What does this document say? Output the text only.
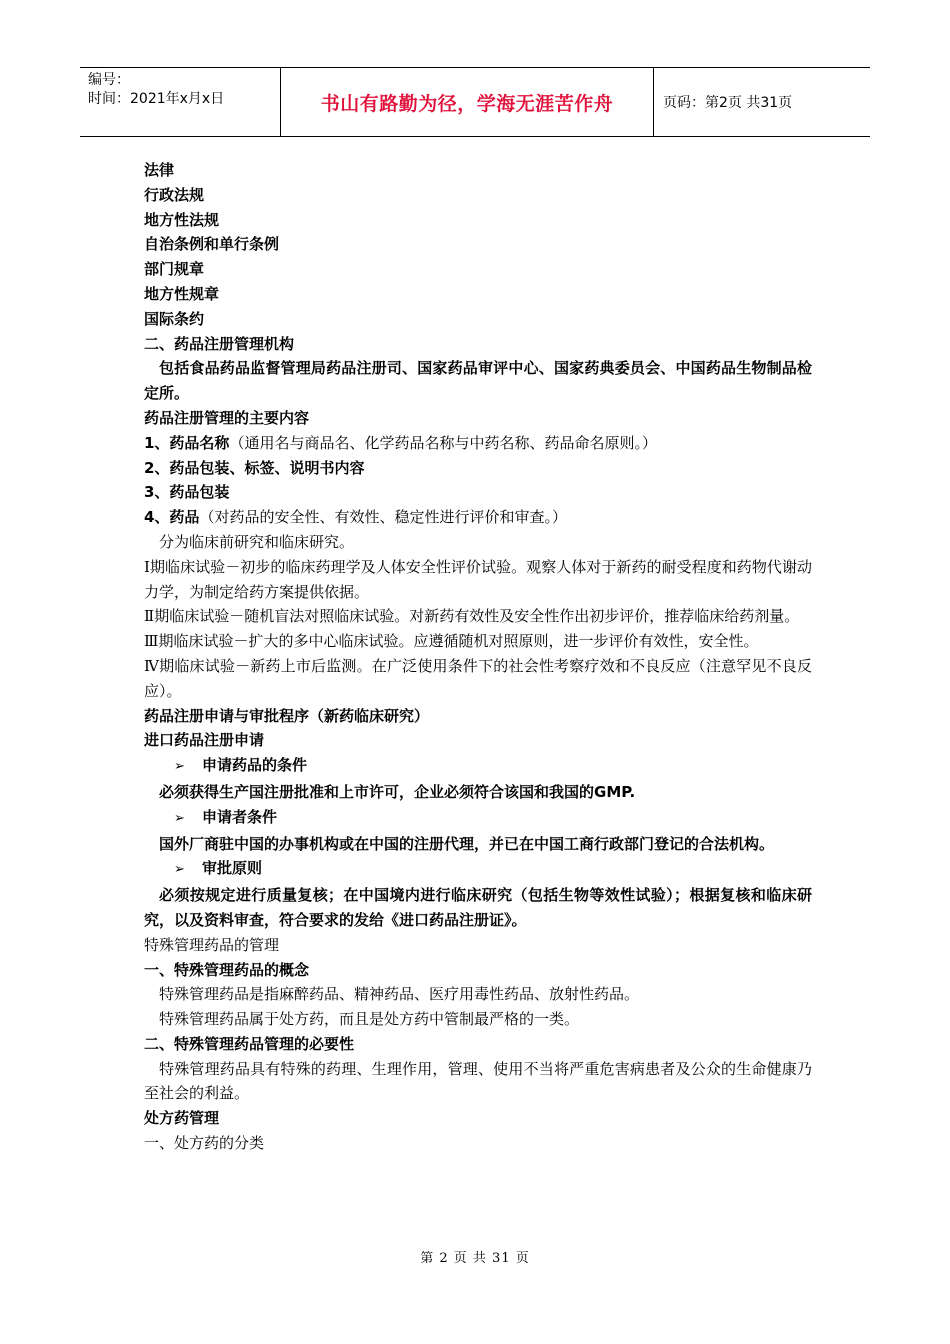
编号：
时间：2021年x月x日	书山有路勤为径，学海无涯苦作舟	页码：第2页 共31页
法律
行政法规
地方性法规
自治条例和单行条例
部门规章
地方性规章
国际条约
二、药品注册管理机构
包括食品药品监督管理局药品注册司、国家药品审评中心、国家药典委员会、中国药品生物制品检定所。
药品注册管理的主要内容
1、药品名称（通用名与商品名、化学药品名称与中药名称、药品命名原则。）
2、药品包装、标签、说明书内容
3、药品包装
4、药品（对药品的安全性、有效性、稳定性进行评价和审查。）
分为临床前研究和临床研究。
Ⅰ期临床试验－初步的临床药理学及人体安全性评价试验。观察人体对于新药的耐受程度和药物代谢动力学，为制定给药方案提供依据。
Ⅱ期临床试验－随机盲法对照临床试验。对新药有效性及安全性作出初步评价，推荐临床给药剂量。
Ⅲ期临床试验－扩大的多中心临床试验。应遵循随机对照原则，进一步评价有效性，安全性。
Ⅳ期临床试验－新药上市后监测。在广泛使用条件下的社会性考察疗效和不良反应（注意罕见不良反应）。
药品注册申请与审批程序（新药临床研究）
进口药品注册申请
➢ 申请药品的条件
必须获得生产国注册批准和上市许可，企业必须符合该国和我国的GMP.
➢ 申请者条件
国外厂商驻中国的办事机构或在中国的注册代理，并已在中国工商行政部门登记的合法机构。
➢ 审批原则
必须按规定进行质量复核；在中国境内进行临床研究（包括生物等效性试验）；根据复核和临床研究，以及资料审查，符合要求的发给《进口药品注册证》。
特殊管理药品的管理
一、特殊管理药品的概念
特殊管理药品是指麻醉药品、精神药品、医疗用毒性药品、放射性药品。
特殊管理药品属于处方药，而且是处方药中管制最严格的一类。
二、特殊管理药品管理的必要性
特殊管理药品具有特殊的药理、生理作用，管理、使用不当将严重危害病患者及公众的生命健康乃至社会的利益。
处方药管理
一、处方药的分类
第 2 页 共 31 页
